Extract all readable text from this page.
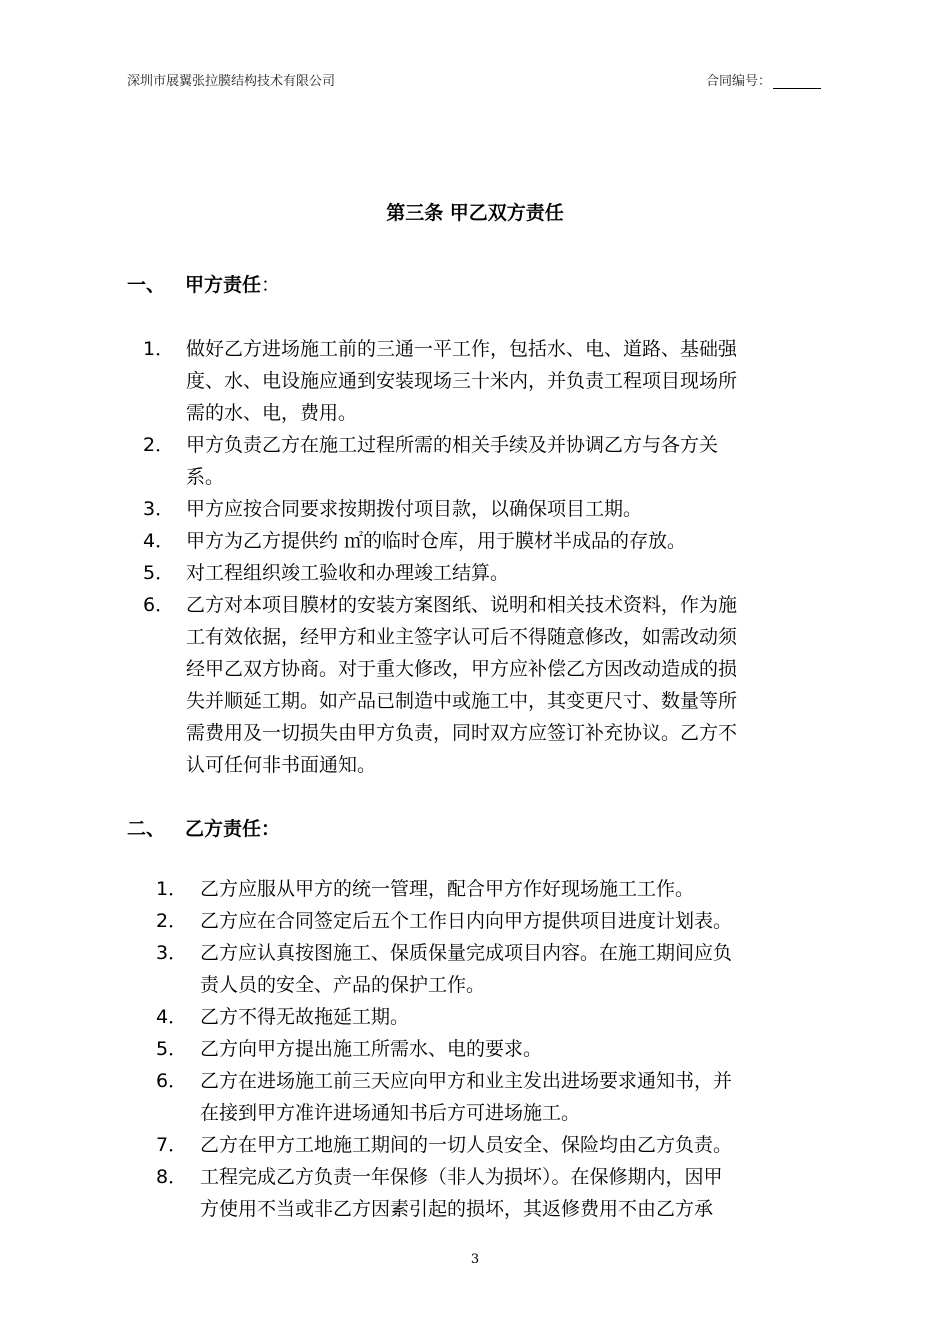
深圳市展翼张拉膜结构技术有限公司	合同编号：
第三条 甲乙双方责任
一、 甲方责任：
1． 做好乙方进场施工前的三通一平工作，包括水、电、道路、基础强
度、水、电设施应通到安装现场三十米内，并负责工程项目现场所
需的水、电，费用。
2． 甲方负责乙方在施工过程所需的相关手续及并协调乙方与各方关
系。
3． 甲方应按合同要求按期拨付项目款，以确保项目工期。
4． 甲方为乙方提供约 ㎡的临时仓库，用于膜材半成品的存放。
5． 对工程组织竣工验收和办理竣工结算。
6． 乙方对本项目膜材的安装方案图纸、说明和相关技术资料，作为施
工有效依据，经甲方和业主签字认可后不得随意修改，如需改动须
经甲乙双方协商。对于重大修改，甲方应补偿乙方因改动造成的损
失并顺延工期。如产品已制造中或施工中，其变更尺寸、数量等所
需费用及一切损失由甲方负责，同时双方应签订补充协议。乙方不
认可任何非书面通知。
二、 乙方责任：
1． 乙方应服从甲方的统一管理，配合甲方作好现场施工工作。
2． 乙方应在合同签定后五个工作日内向甲方提供项目进度计划表。
3． 乙方应认真按图施工、保质保量完成项目内容。在施工期间应负
责人员的安全、产品的保护工作。
4． 乙方不得无故拖延工期。
5． 乙方向甲方提出施工所需水、电的要求。
6． 乙方在进场施工前三天应向甲方和业主发出进场要求通知书，并
在接到甲方准许进场通知书后方可进场施工。
7． 乙方在甲方工地施工期间的一切人员安全、保险均由乙方负责。
8． 工程完成乙方负责一年保修（非人为损坏）。在保修期内，因甲
方使用不当或非乙方因素引起的损坏，其返修费用不由乙方承
3
